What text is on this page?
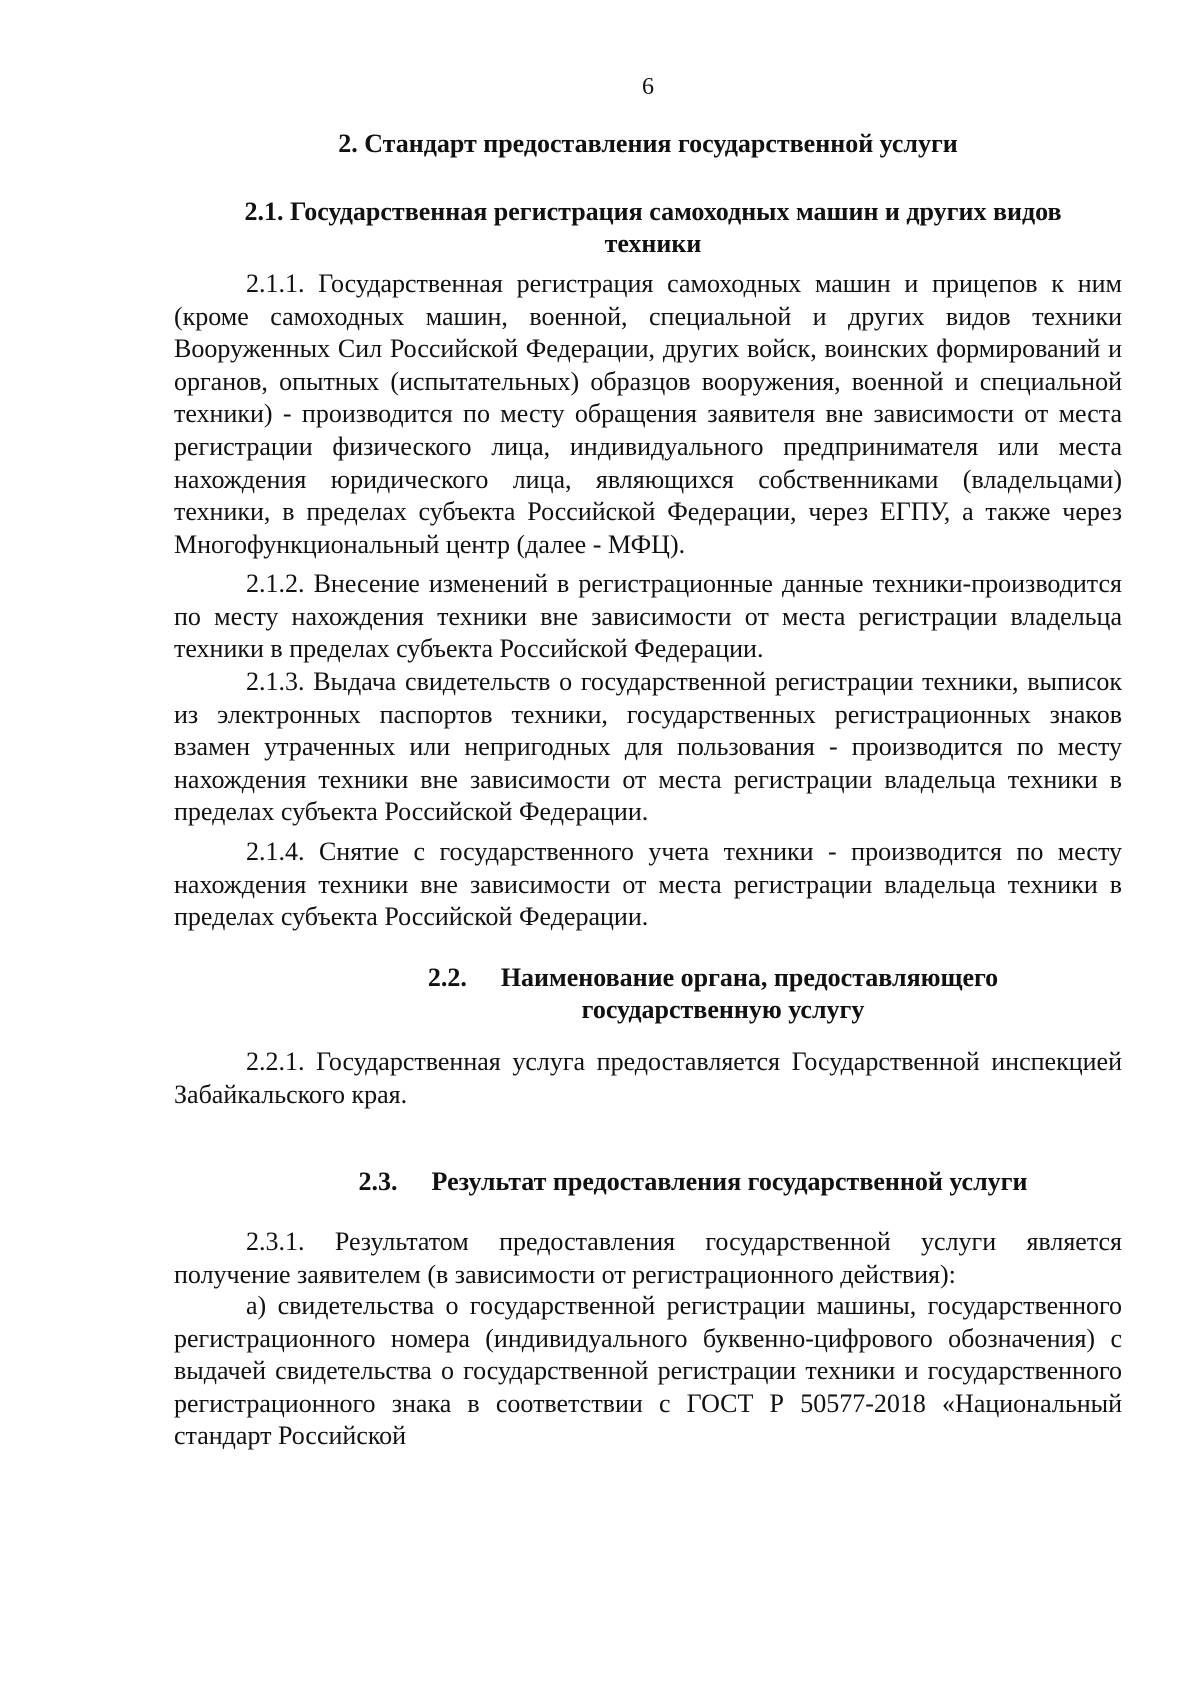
6
2. Стандарт предоставления государственной услуги
2.1. Государственная регистрация самоходных машин и других видов техники

2.1.1. Государственная регистрация самоходных машин и прицепов к ним (кроме самоходных машин, военной, специальной и других видов техники Вооруженных Сил Российской Федерации, других войск, воинских формирований и органов, опытных (испытательных) образцов вооружения, военной и специальной техники) - производится по месту обращения заявителя вне зависимости от места регистрации физического лица, индивидуального предпринимателя или места нахождения юридического лица, являющихся собственниками (владельцами) техники, в пределах субъекта Российской Федерации, через ЕГПУ, а также через Многофункциональный центр (далее - МФЦ).

2.1.2. Внесение изменений в регистрационные данные техники-производится по месту нахождения техники вне зависимости от места регистрации владельца техники в пределах субъекта Российской Федерации.

2.1.3. Выдача свидетельств о государственной регистрации техники, выписок из электронных паспортов техники, государственных регистрационных знаков взамен утраченных или непригодных для пользования - производится по месту нахождения техники вне зависимости от места регистрации владельца техники в пределах субъекта Российской Федерации.

2.1.4. Снятие с государственного учета техники - производится по месту нахождения техники вне зависимости от места регистрации владельца техники в пределах субъекта Российской Федерации.

2.2. Наименование органа, предоставляющего
государственную услугу

2.2.1. Государственная услуга предоставляется Государственной инспекцией Забайкальского края.

2.3. Результат предоставления государственной услуги

2.3.1. Результатом предоставления государственной услуги является получение заявителем (в зависимости от регистрационного действия):

а) свидетельства о государственной регистрации машины, государственного регистрационного номера (индивидуального буквенно-цифрового обозначения) с выдачей свидетельства о государственной регистрации техники и государственного регистрационного знака в соответствии с ГОСТ Р 50577-2018 «Национальный стандарт Российской
